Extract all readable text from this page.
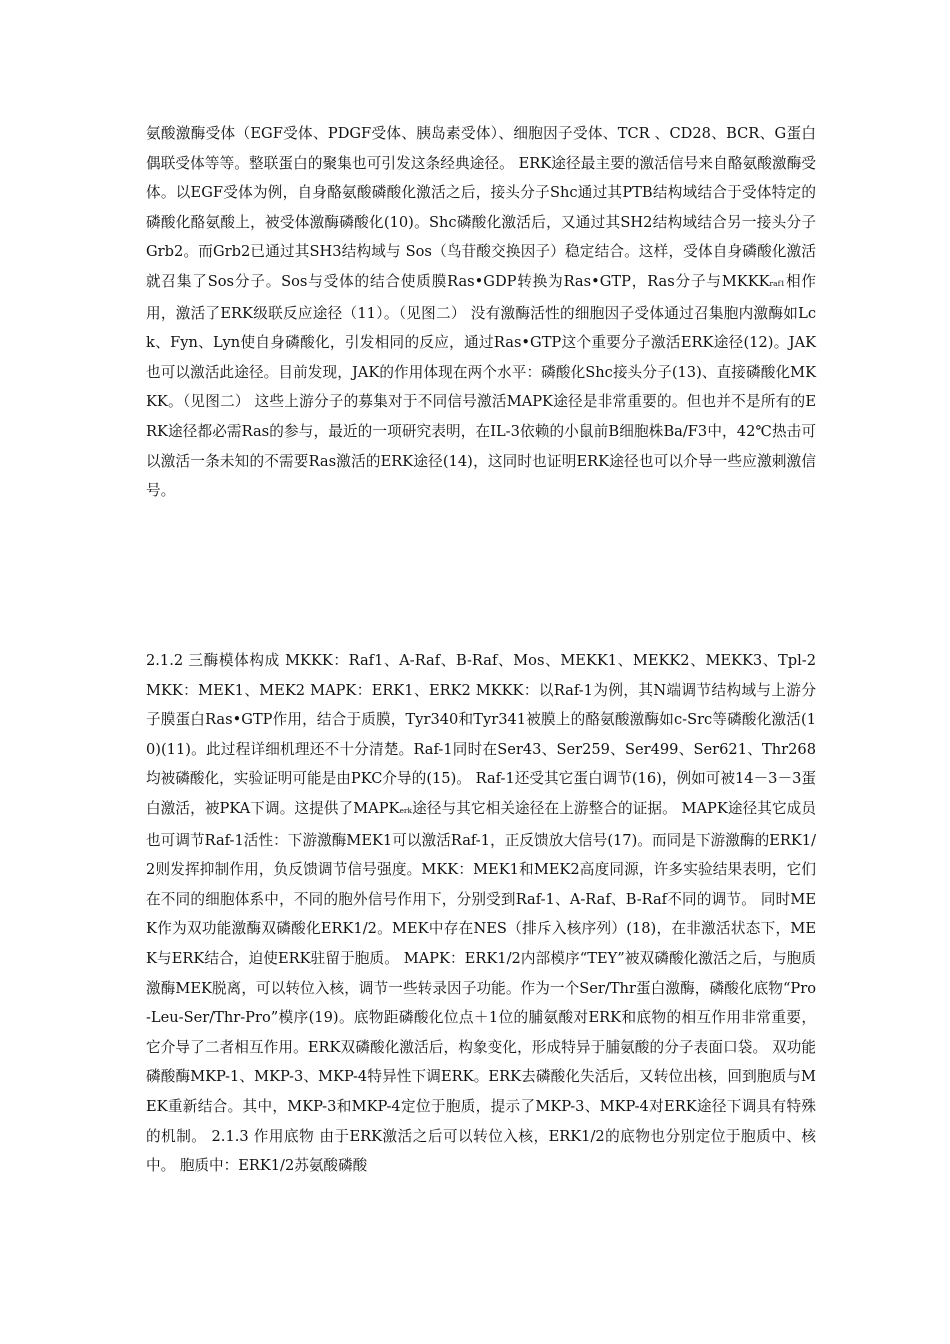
氨酸激酶受体（EGF受体、PDGF受体、胰岛素受体）、细胞因子受体、TCR 、CD28、BCR、G蛋白偶联受体等等。整联蛋白的聚集也可引发这条经典途径。 ERK途径最主要的激活信号来自酪氨酸激酶受体。以EGF受体为例，自身酪氨酸磷酸化激活之后，接头分子Shc通过其PTB结构域结合于受体特定的磷酸化酪氨酸上，被受体激酶磷酸化(10)。Shc磷酸化激活后，又通过其SH2结构域结合另一接头分子Grb2。而Grb2已通过其SH3结构域与 Sos（鸟苷酸交换因子）稳定结合。这样，受体自身磷酸化激活就召集了Sos分子。Sos与受体的结合使质膜Ras•GDP转换为Ras•GTP，Ras分子与MKKKraf1相作用，激活了ERK级联反应途径（11）。（见图二） 没有激酶活性的细胞因子受体通过召集胞内激酶如Lck、Fyn、Lyn使自身磷酸化，引发相同的反应，通过Ras•GTP这个重要分子激活ERK途径(12)。JAK也可以激活此途径。目前发现，JAK的作用体现在两个水平：磷酸化Shc接头分子(13)、直接磷酸化MKKK。（见图二） 这些上游分子的募集对于不同信号激活MAPK途径是非常重要的。但也并不是所有的ERK途径都必需Ras的参与，最近的一项研究表明，在IL-3依赖的小鼠前B细胞株Ba/F3中，42℃热击可以激活一条未知的不需要Ras激活的ERK途径(14)，这同时也证明ERK途径也可以介导一些应激刺激信号。

2.1.2 三酶模体构成 MKKK：Raf1、A-Raf、B-Raf、Mos、MEKK1、MEKK2、MEKK3、Tpl-2 MKK：MEK1、MEK2 MAPK：ERK1、ERK2 MKKK：以Raf-1为例，其N端调节结构域与上游分子膜蛋白Ras•GTP作用，结合于质膜，Tyr340和Tyr341被膜上的酪氨酸激酶如c-Src等磷酸化激活(10)(11)。此过程详细机理还不十分清楚。Raf-1同时在Ser43、Ser259、Ser499、Ser621、Thr268均被磷酸化，实验证明可能是由PKC介导的(15)。 Raf-1还受其它蛋白调节(16)，例如可被14－3－3蛋白激活，被PKA下调。这提供了MAPKerk途径与其它相关途径在上游整合的证据。 MAPK途径其它成员也可调节Raf-1活性：下游激酶MEK1可以激活Raf-1，正反馈放大信号(17)。而同是下游激酶的ERK1/2则发挥抑制作用，负反馈调节信号强度。MKK：MEK1和MEK2高度同源，许多实验结果表明，它们在不同的细胞体系中，不同的胞外信号作用下，分别受到Raf-1、A-Raf、B-Raf不同的调节。 同时MEK作为双功能激酶双磷酸化ERK1/2。MEK中存在NES（排斥入核序列）(18)，在非激活状态下，MEK与ERK结合，迫使ERK驻留于胞质。 MAPK：ERK1/2内部模序“TEY”被双磷酸化激活之后，与胞质激酶MEK脱离，可以转位入核，调节一些转录因子功能。作为一个Ser/Thr蛋白激酶，磷酸化底物“Pro-Leu-Ser/Thr-Pro”模序(19)。底物距磷酸化位点＋1位的脯氨酸对ERK和底物的相互作用非常重要，它介导了二者相互作用。ERK双磷酸化激活后，构象变化，形成特异于脯氨酸的分子表面口袋。 双功能磷酸酶MKP-1、MKP-3、MKP-4特异性下调ERK。ERK去磷酸化失活后，又转位出核，回到胞质与MEK重新结合。其中，MKP-3和MKP-4定位于胞质，提示了MKP-3、MKP-4对ERK途径下调具有特殊的机制。 2.1.3 作用底物 由于ERK激活之后可以转位入核，ERK1/2的底物也分别定位于胞质中、核中。 胞质中：ERK1/2苏氨酸磷酸
